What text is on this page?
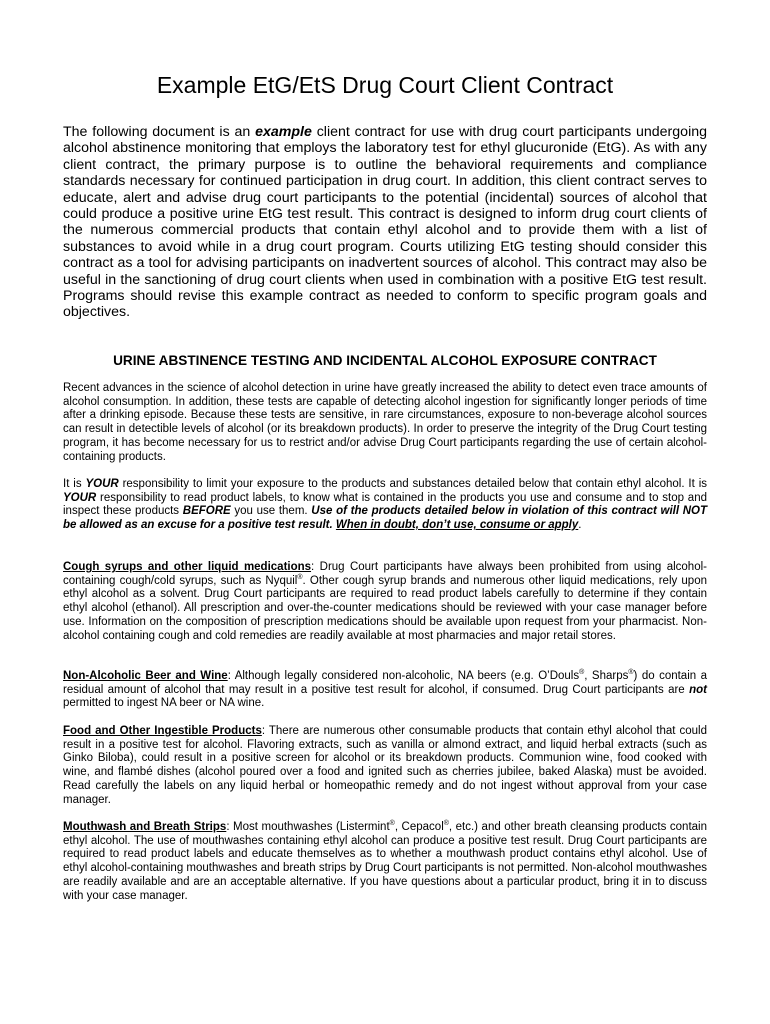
Example EtG/EtS Drug Court Client Contract

The following document is an example client contract for use with drug court participants undergoing alcohol abstinence monitoring that employs the laboratory test for ethyl glucuronide (EtG). As with any client contract, the primary purpose is to outline the behavioral requirements and compliance standards necessary for continued participation in drug court. In addition, this client contract serves to educate, alert and advise drug court participants to the potential (incidental) sources of alcohol that could produce a positive urine EtG test result. This contract is designed to inform drug court clients of the numerous commercial products that contain ethyl alcohol and to provide them with a list of substances to avoid while in a drug court program. Courts utilizing EtG testing should consider this contract as a tool for advising participants on inadvertent sources of alcohol. This contract may also be useful in the sanctioning of drug court clients when used in combination with a positive EtG test result. Programs should revise this example contract as needed to conform to specific program goals and objectives.

URINE ABSTINENCE TESTING AND INCIDENTAL ALCOHOL EXPOSURE CONTRACT

Recent advances in the science of alcohol detection in urine have greatly increased the ability to detect even trace amounts of alcohol consumption. In addition, these tests are capable of detecting alcohol ingestion for significantly longer periods of time after a drinking episode. Because these tests are sensitive, in rare circumstances, exposure to non-beverage alcohol sources can result in detectible levels of alcohol (or its breakdown products). In order to preserve the integrity of the Drug Court testing program, it has become necessary for us to restrict and/or advise Drug Court participants regarding the use of certain alcohol-containing products.

It is YOUR responsibility to limit your exposure to the products and substances detailed below that contain ethyl alcohol. It is YOUR responsibility to read product labels, to know what is contained in the products you use and consume and to stop and inspect these products BEFORE you use them. Use of the products detailed below in violation of this contract will NOT be allowed as an excuse for a positive test result. When in doubt, don’t use, consume or apply.

Cough syrups and other liquid medications: Drug Court participants have always been prohibited from using alcohol-containing cough/cold syrups, such as Nyquil®. Other cough syrup brands and numerous other liquid medications, rely upon ethyl alcohol as a solvent. Drug Court participants are required to read product labels carefully to determine if they contain ethyl alcohol (ethanol). All prescription and over-the-counter medications should be reviewed with your case manager before use. Information on the composition of prescription medications should be available upon request from your pharmacist. Non-alcohol containing cough and cold remedies are readily available at most pharmacies and major retail stores.

Non-Alcoholic Beer and Wine: Although legally considered non-alcoholic, NA beers (e.g. O’Douls®, Sharps®) do contain a residual amount of alcohol that may result in a positive test result for alcohol, if consumed. Drug Court participants are not permitted to ingest NA beer or NA wine.

Food and Other Ingestible Products: There are numerous other consumable products that contain ethyl alcohol that could result in a positive test for alcohol. Flavoring extracts, such as vanilla or almond extract, and liquid herbal extracts (such as Ginko Biloba), could result in a positive screen for alcohol or its breakdown products. Communion wine, food cooked with wine, and flambé dishes (alcohol poured over a food and ignited such as cherries jubilee, baked Alaska) must be avoided. Read carefully the labels on any liquid herbal or homeopathic remedy and do not ingest without approval from your case manager.

Mouthwash and Breath Strips: Most mouthwashes (Listermint®, Cepacol®, etc.) and other breath cleansing products contain ethyl alcohol. The use of mouthwashes containing ethyl alcohol can produce a positive test result. Drug Court participants are required to read product labels and educate themselves as to whether a mouthwash product contains ethyl alcohol. Use of ethyl alcohol-containing mouthwashes and breath strips by Drug Court participants is not permitted. Non-alcohol mouthwashes are readily available and are an acceptable alternative. If you have questions about a particular product, bring it in to discuss with your case manager.
